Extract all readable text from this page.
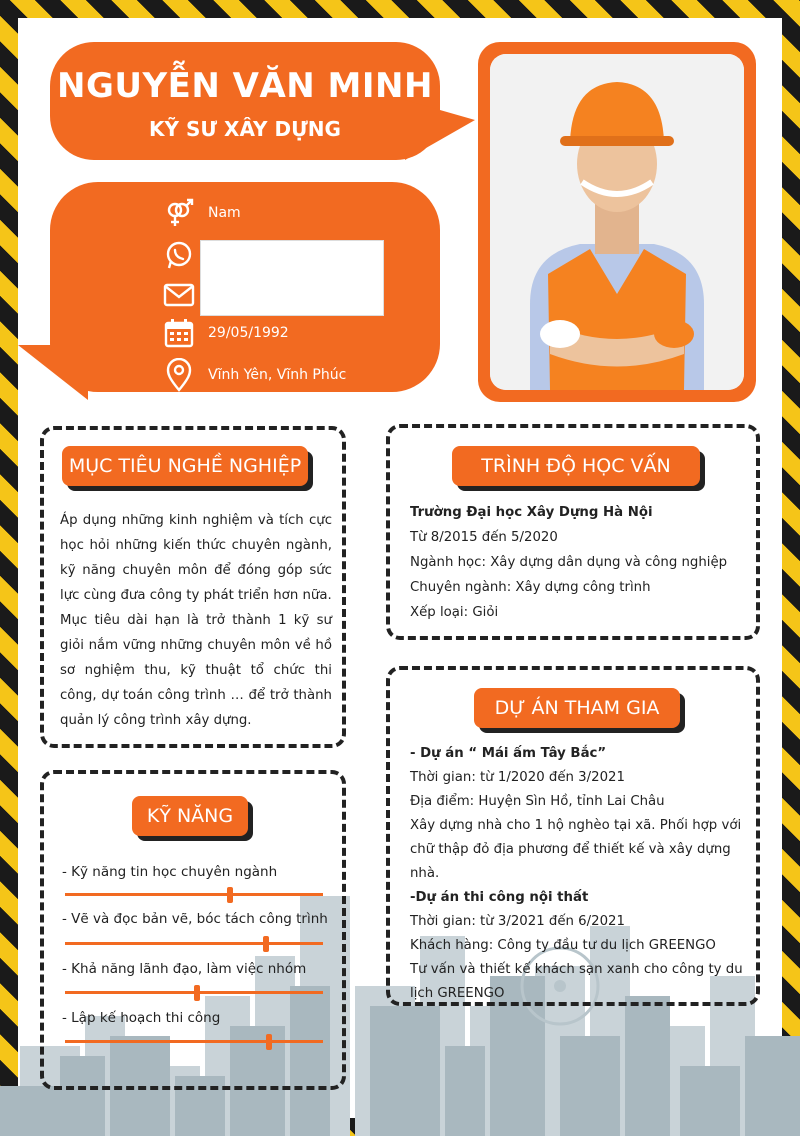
NGUYỄN VĂN MINH
KỸ SƯ XÂY DỰNG
Nam
29/05/1992
Vĩnh Yên, Vĩnh Phúc
MỤC TIÊU NGHỀ NGHIỆP

Áp dụng những kinh nghiệm và tích cực học hỏi những kiến thức chuyên ngành, kỹ năng chuyên môn để đóng góp sức lực cùng đưa công ty phát triển hơn nữa.

Mục tiêu dài hạn là trở thành 1 kỹ sư giỏi nắm vững những chuyên môn về hồ sơ nghiệm thu, kỹ thuật tổ chức thi công, dự toán công trình … để trở thành quản lý công trình xây dựng.

KỸ NĂNG
- Kỹ năng tin học chuyên ngành
- Vẽ và đọc bản vẽ, bóc tách công trình
- Khả năng lãnh đạo, làm việc nhóm
- Lập kế hoạch thi công
TRÌNH ĐỘ HỌC VẤN

Trường Đại học Xây Dựng Hà Nội

Từ 8/2015 đến 5/2020

Ngành học: Xây dựng dân dụng và công nghiệp

Chuyên ngành: Xây dựng công trình

Xếp loại: Giỏi

DỰ ÁN THAM GIA

- Dự án “ Mái ấm Tây Bắc”

Thời gian: từ 1/2020 đến 3/2021

Địa điểm: Huyện Sìn Hồ, tỉnh Lai Châu

Xây dựng nhà cho 1 hộ nghèo tại xã. Phối hợp với chữ thập đỏ địa phương để thiết kế và xây dựng nhà.

-Dự án thi công nội thất

Thời gian: từ 3/2021 đến 6/2021

Khách hàng: Công ty đầu tư du lịch GREENGO

Tư vấn và thiết kế khách sạn xanh cho công ty du lịch GREENGO
